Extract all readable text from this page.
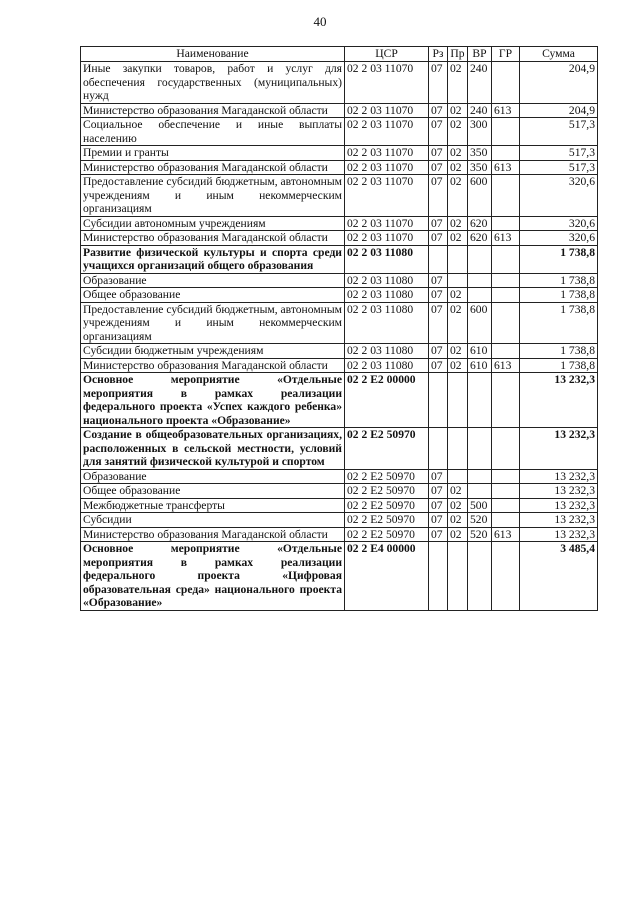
40
Наименование	ЦСР	Рз	Пр	ВР	ГР	Сумма
Иные закупки товаров, работ и услуг для обеспечения государственных (муниципальных) нужд	02 2 03 11070	07	02	240		204,9
Министерство образования Магаданской области	02 2 03 11070	07	02	240	613	204,9
Социальное обеспечение и иные выплаты населению	02 2 03 11070	07	02	300		517,3
Премии и гранты	02 2 03 11070	07	02	350		517,3
Министерство образования Магаданской области	02 2 03 11070	07	02	350	613	517,3
Предоставление субсидий бюджетным, автономным учреждениям и иным некоммерческим организациям	02 2 03 11070	07	02	600		320,6
Субсидии автономным учреждениям	02 2 03 11070	07	02	620		320,6
Министерство образования Магаданской области	02 2 03 11070	07	02	620	613	320,6
Развитие физической культуры и спорта среди учащихся организаций общего образования	02 2 03 11080					1 738,8
Образование	02 2 03 11080	07				1 738,8
Общее образование	02 2 03 11080	07	02			1 738,8
Предоставление субсидий бюджетным, автономным учреждениям и иным некоммерческим организациям	02 2 03 11080	07	02	600		1 738,8
Субсидии бюджетным учреждениям	02 2 03 11080	07	02	610		1 738,8
Министерство образования Магаданской области	02 2 03 11080	07	02	610	613	1 738,8
Основное мероприятие «Отдельные мероприятия в рамках реализации федерального проекта «Успех каждого ребенка» национального проекта «Образование»	02 2 E2 00000					13 232,3
Создание в общеобразовательных организациях, расположенных в сельской местности, условий для занятий физической культурой и спортом	02 2 E2 50970					13 232,3
Образование	02 2 E2 50970	07				13 232,3
Общее образование	02 2 E2 50970	07	02			13 232,3
Межбюджетные трансферты	02 2 E2 50970	07	02	500		13 232,3
Субсидии	02 2 E2 50970	07	02	520		13 232,3
Министерство образования Магаданской области	02 2 E2 50970	07	02	520	613	13 232,3
Основное мероприятие «Отдельные мероприятия в рамках реализации федерального проекта «Цифровая образовательная среда» национального проекта «Образование»	02 2 E4 00000					3 485,4
